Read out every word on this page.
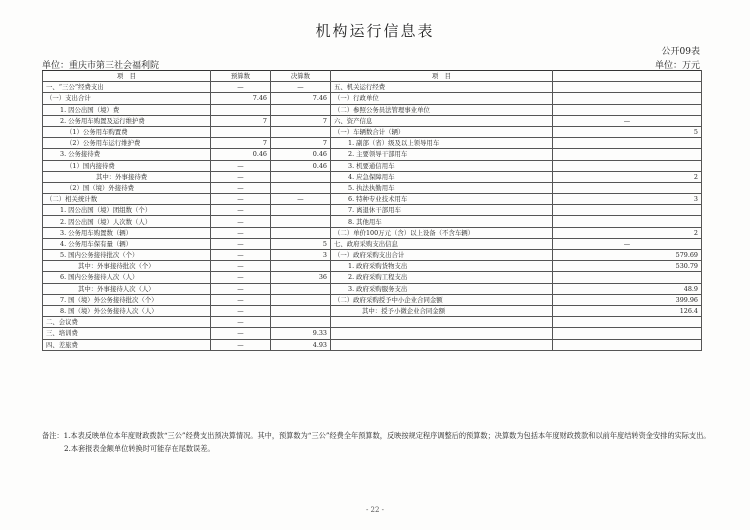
机构运行信息表
公开09表
单位：重庆市第三社会福利院	单位：万元
项　目	预算数	决算数	项　目	
一、“三公”经费支出	—	—	五、机关运行经费	
（一）支出合计	7.46	7.46	（一）行政单位	
1. 因公出国（境）费			（二）参照公务员法管理事业单位	
2. 公务用车购置及运行维护费	7	7	六、资产信息	—
（1）公务用车购置费			（一）车辆数合计（辆）	5
（2）公务用车运行维护费	7	7	1. 副部（省）级及以上领导用车	
3. 公务接待费	0.46	0.46	2. 主要领导干部用车	
（1）国内接待费	—	0.46	3. 机要通信用车	
其中：外事接待费	—		4. 应急保障用车	2
（2）国（境）外接待费	—		5. 执法执勤用车	
（二）相关统计数	—	—	6. 特种专业技术用车	3
1. 因公出国（境）团组数（个）	—		7. 离退休干部用车	
2. 因公出国（境）人次数（人）	—		8. 其他用车	
3. 公务用车购置数（辆）	—		（二）单价100万元（含）以上设备（不含车辆）	2
4. 公务用车保有量（辆）	—	5	七、政府采购支出信息	—
5. 国内公务接待批次（个）	—	3	（一）政府采购支出合计	579.69
其中：外事接待批次（个）	—		1. 政府采购货物支出	530.79
6. 国内公务接待人次（人）	—	36	2. 政府采购工程支出	
其中：外事接待人次（人）	—		3. 政府采购服务支出	48.9
7. 国（境）外公务接待批次（个）	—		（二）政府采购授予中小企业合同金额	399.96
8. 国（境）外公务接待人次（人）	—		其中：授予小微企业合同金额	126.4
二、会议费	—			
三、培训费	—	9.33		
四、差旅费	—	4.93		

备注：1.本表反映单位本年度财政拨款“三公”经费支出预决算情况。其中，预算数为“三公”经费全年预算数，反映按规定程序调整后的预算数；决算数为包括本年度财政拨款和以前年度结转资金安排的实际支出。

2.本套报表金额单位转换时可能存在尾数误差。

- 22 -
